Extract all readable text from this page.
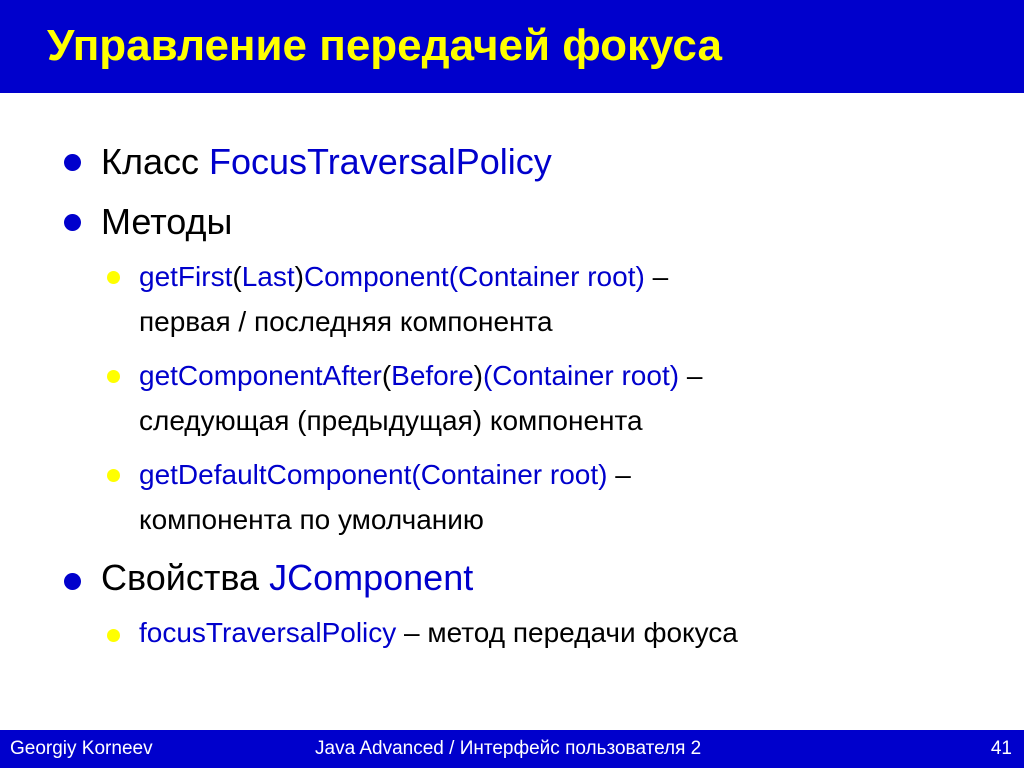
Управление передачей фокуса
Класс FocusTraversalPolicy
Методы
getFirst(Last)Component(Container root) –
первая / последняя компонента
getComponentAfter(Before)(Container root) –
следующая (предыдущая) компонента
getDefaultComponent(Container root) –
компонента по умолчанию
Свойства JComponent
focusTraversalPolicy – метод передачи фокуса
Georgiy Korneev	Java Advanced / Интерфейс пользователя 2	41
